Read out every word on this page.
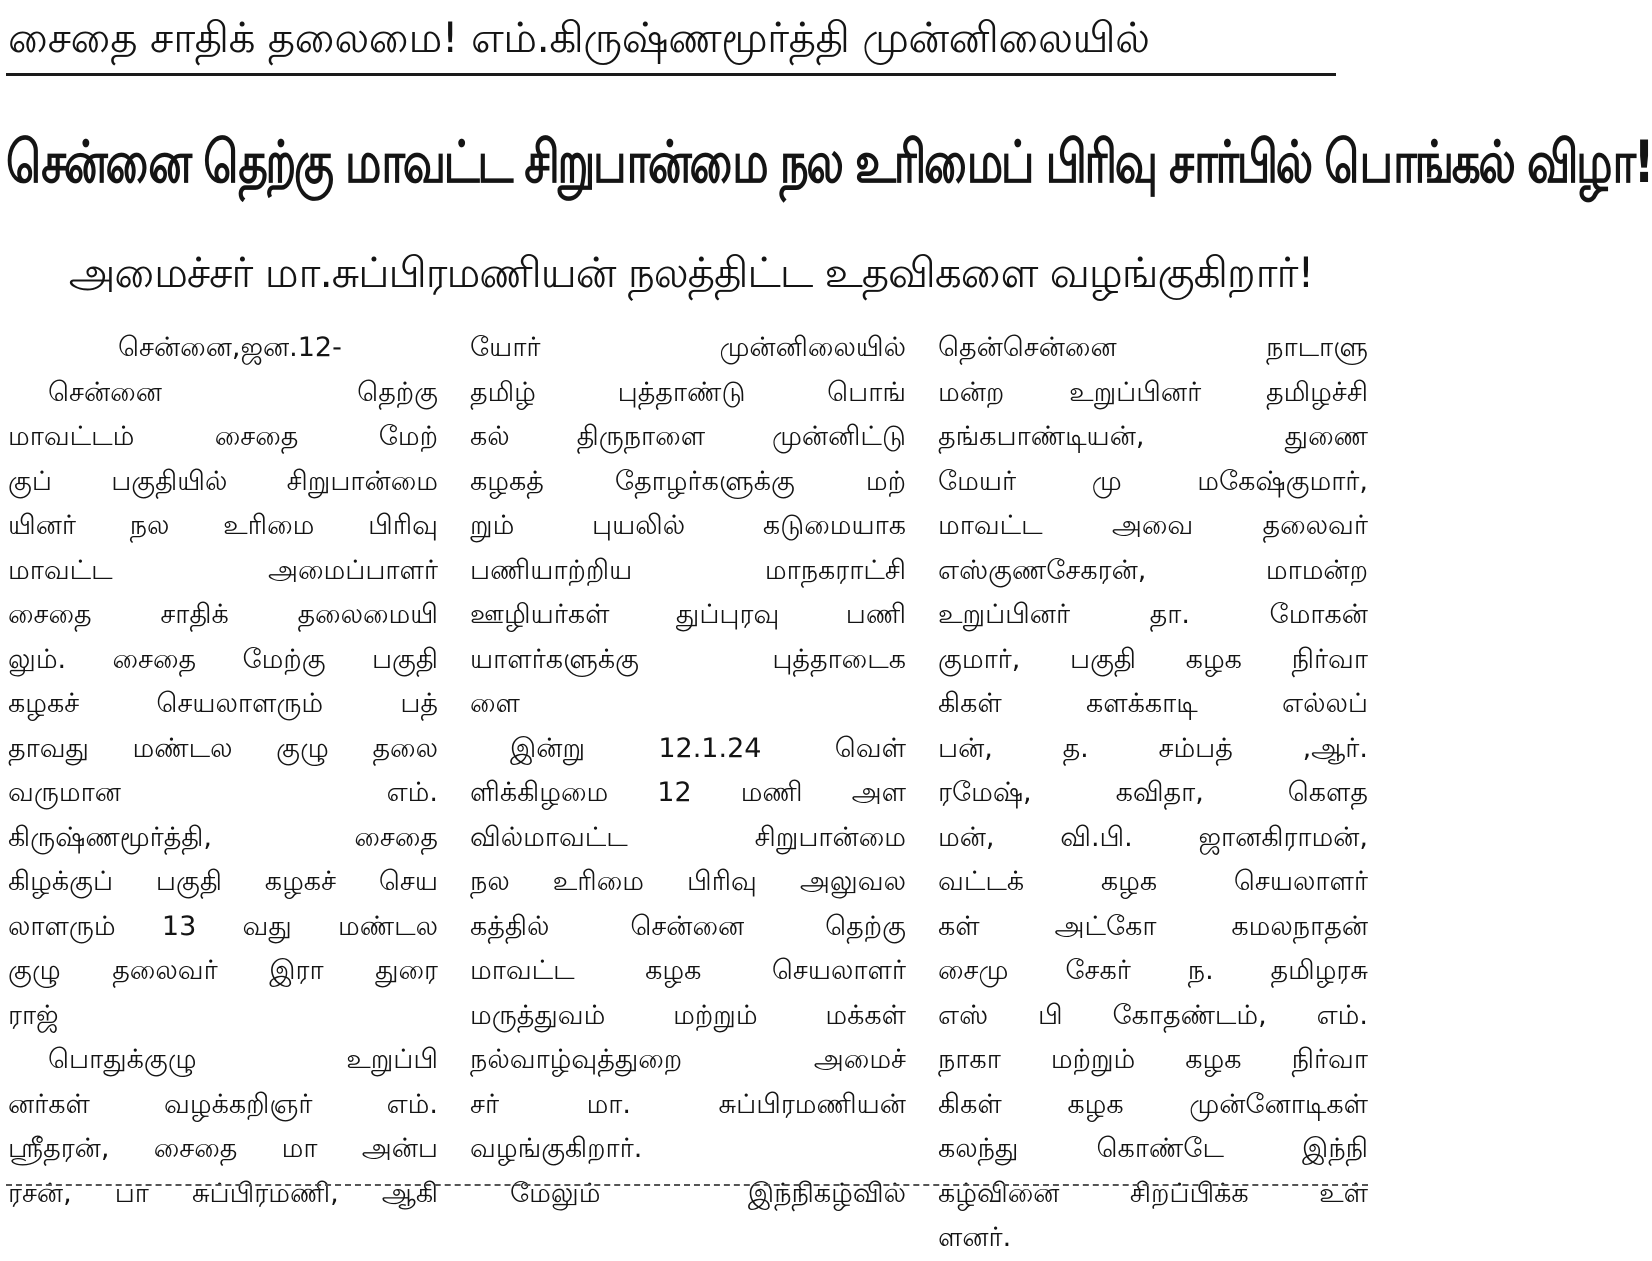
சைதை சாதிக் தலைமை! எம்.கிருஷ்ணமூர்த்தி முன்னிலையில்
சென்னை தெற்கு மாவட்ட சிறுபான்மை நல உரிமைப் பிரிவு சார்பில் பொங்கல் விழா!
அமைச்சர் மா.சுப்பிரமணியன் நலத்திட்ட உதவிகளை வழங்குகிறார்!
சென்னை,ஜன.12-
சென்னை தெற்கு
மாவட்டம் சைதை மேற்
குப் பகுதியில் சிறுபான்மை
யினர் நல உரிமை பிரிவு
மாவட்ட அமைப்பாளர்
சைதை சாதிக் தலைமையி
லும். சைதை மேற்கு பகுதி
கழகச் செயலாளரும் பத்
தாவது மண்டல குழு தலை
வருமான எம்.
கிருஷ்ணமூர்த்தி, சைதை
கிழக்குப் பகுதி கழகச் செய
லாளரும் 13 வது மண்டல
குழு தலைவர் இரா துரை
ராஜ்
பொதுக்குழு உறுப்பி
னர்கள் வழக்கறிஞர் எம்.
ஸ்ரீதரன், சைதை மா அன்ப
ரசன், பா சுப்பிரமணி, ஆகி
யோர் முன்னிலையில்
தமிழ் புத்தாண்டு பொங்
கல் திருநாளை முன்னிட்டு
கழகத் தோழர்களுக்கு மற்
றும் புயலில் கடுமையாக
பணியாற்றிய மாநகராட்சி
ஊழியர்கள் துப்புரவு பணி
யாளர்களுக்கு புத்தாடைக
ளை
இன்று 12.1.24 வெள்
ளிக்கிழமை 12 மணி அள
வில்மாவட்ட சிறுபான்மை
நல உரிமை பிரிவு அலுவல
கத்தில் சென்னை தெற்கு
மாவட்ட கழக செயலாளர்
மருத்துவம் மற்றும் மக்கள்
நல்வாழ்வுத்துறை அமைச்
சர் மா. சுப்பிரமணியன்
வழங்குகிறார்.
மேலும் இந்நிகழ்வில்
தென்சென்னை நாடாளு
மன்ற உறுப்பினர் தமிழச்சி
தங்கபாண்டியன், துணை
மேயர் மு மகேஷ்குமார்,
மாவட்ட அவை தலைவர்
எஸ்குணசேகரன், மாமன்ற
உறுப்பினர் தா. மோகன்
குமார், பகுதி கழக நிர்வா
கிகள் களக்காடி எல்லப்
பன், த. சம்பத் ,ஆர்.
ரமேஷ், கவிதா, கௌத
மன், வி.பி. ஜானகிராமன்,
வட்டக் கழக செயலாளர்
கள் அட்கோ கமலநாதன்
சைமு சேகர் ந. தமிழரசு
எஸ் பி கோதண்டம், எம்.
நாகா மற்றும் கழக நிர்வா
கிகள் கழக முன்னோடிகள்
கலந்து கொண்டே இந்நி
கழ்வினை சிறப்பிக்க உள்
ளனர்.
